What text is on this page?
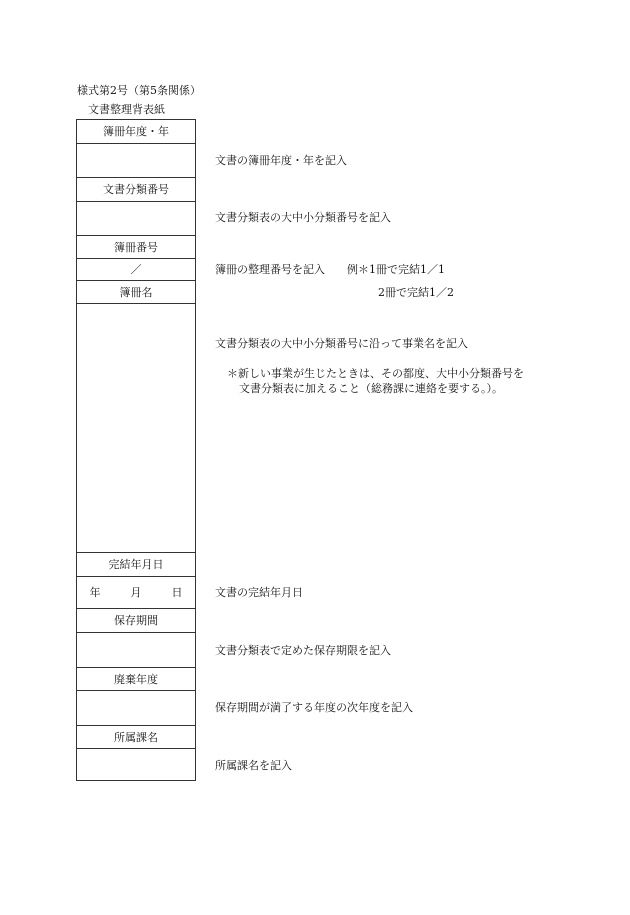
様式第2号（第5条関係）
文書整理背表紙
簿冊年度・年
文書分類番号
簿冊番号
／
簿冊名
完結年月日
年	月	日
保存期間
廃棄年度
所属課名
文書の簿冊年度・年を記入
文書分類表の大中小分類番号を記入
簿冊の整理番号を記入　　例＊1冊で完結1／1
2冊で完結1／2
文書分類表の大中小分類番号に沿って事業名を記入
＊新しい事業が生じたときは、その都度、大中小分類番号を
文書分類表に加えること（総務課に連絡を要する。）。
文書の完結年月日
文書分類表で定めた保存期限を記入
保存期間が満了する年度の次年度を記入
所属課名を記入
